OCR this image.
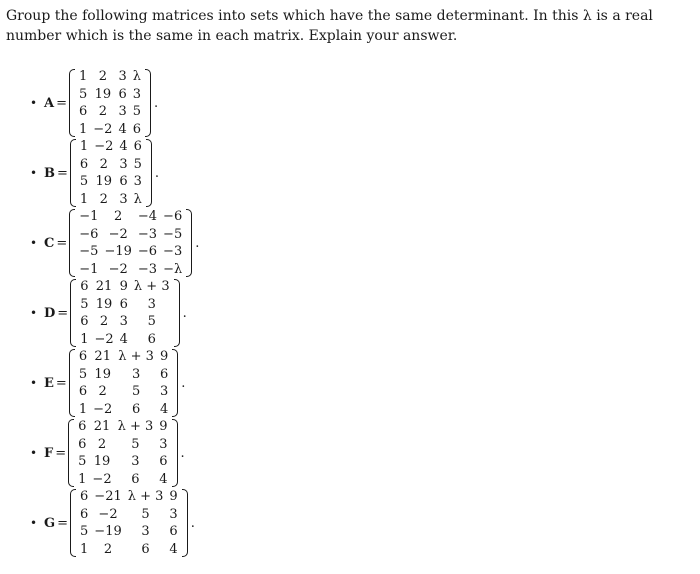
Group the following matrices into sets which have the same determinant. In this λ is a real number which is the same in each matrix. Explain your answer.

• A =
1	2	3	λ
5	19	6	3
6	2	3	5
1	−2	4	6
.
• B =
1	−2	4	6
6	2	3	5
5	19	6	3
1	2	3	λ
.
• C =
−1	2	−4	−6
−6	−2	−3	−5
−5	−19	−6	−3
−1	−2	−3	−λ
.
• D =
6	21	9	λ + 3
5	19	6	3
6	2	3	5
1	−2	4	6
.
• E =
6	21	λ + 3	9
5	19	3	6
6	2	5	3
1	−2	6	4
.
• F =
6	21	λ + 3	9
6	2	5	3
5	19	3	6
1	−2	6	4
.
• G =
6	−21	λ + 3	9
6	−2	5	3
5	−19	3	6
1	2	6	4
.
